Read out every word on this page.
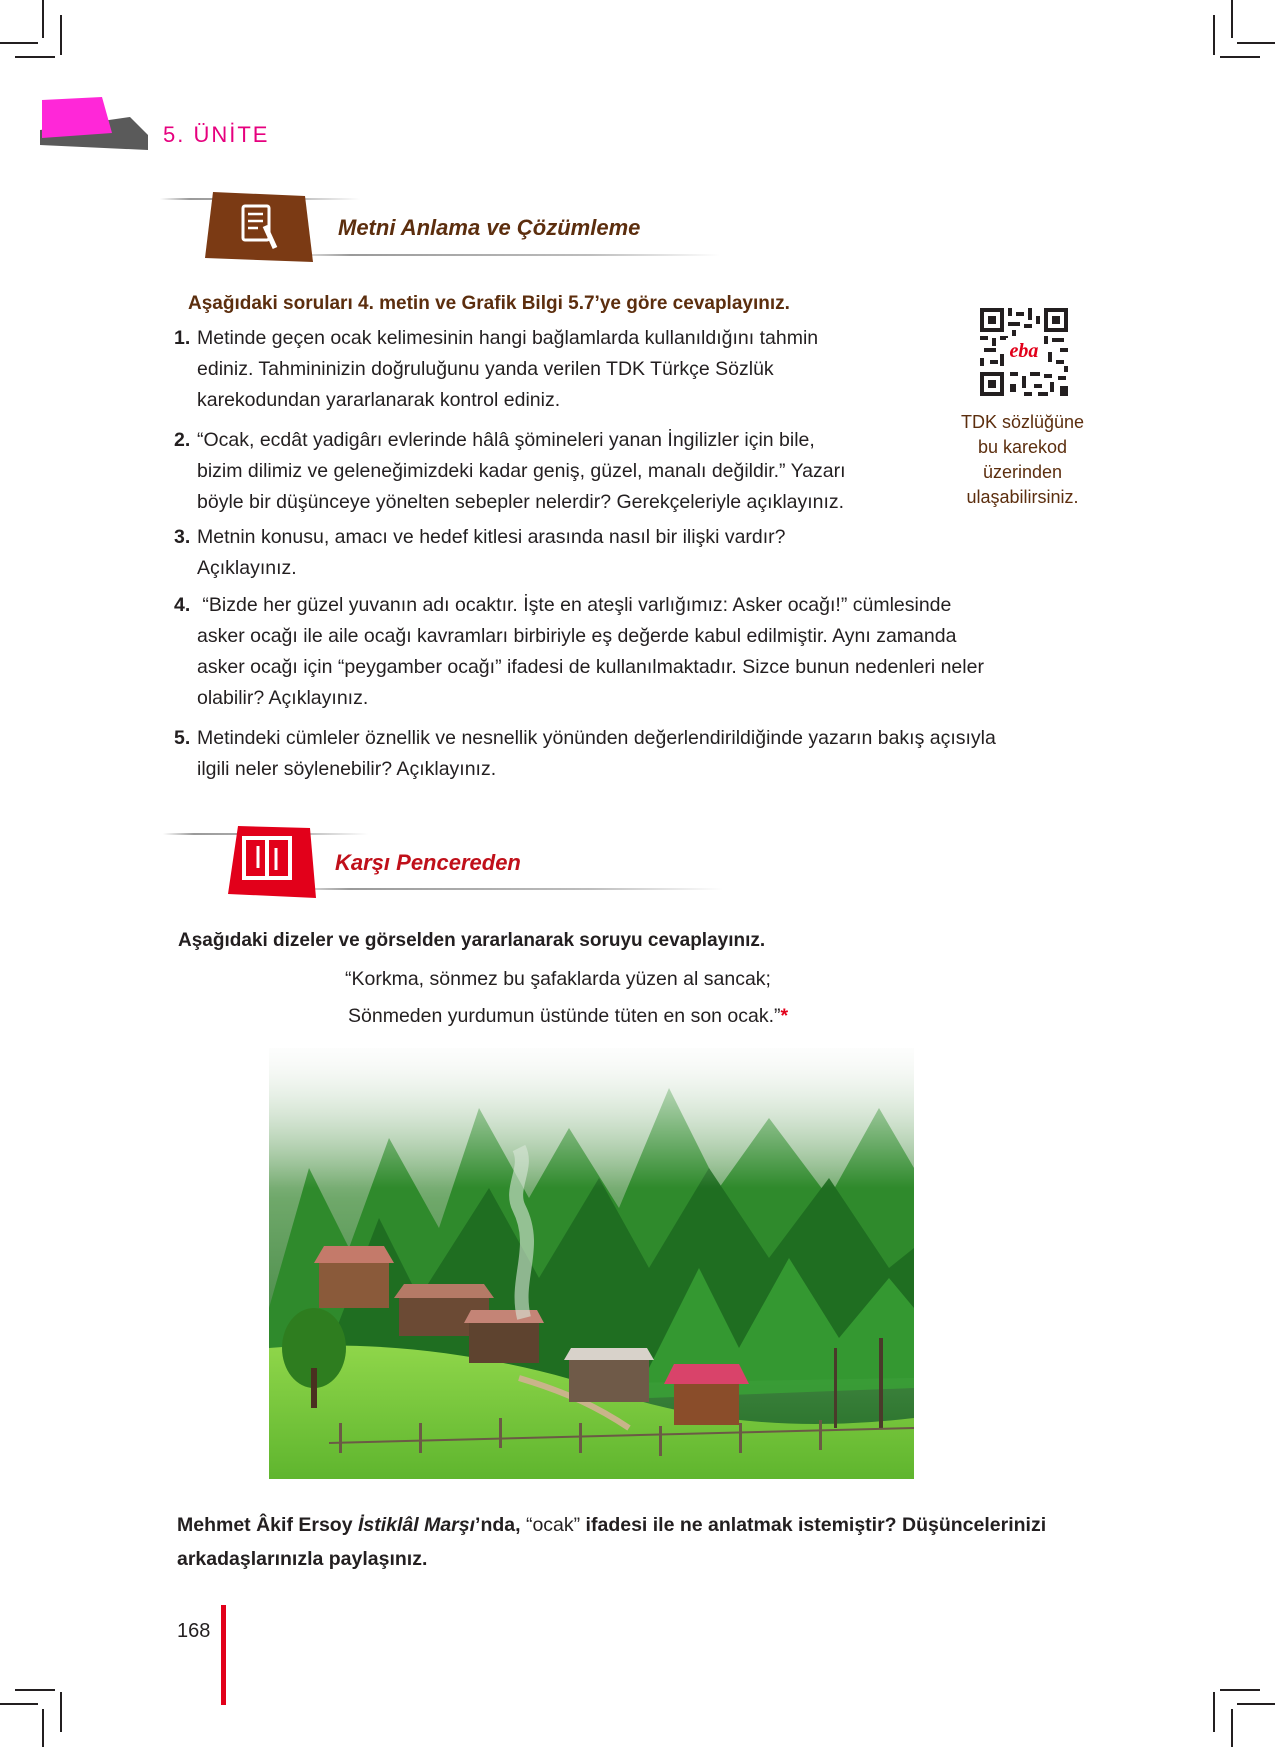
5. ÜNİTE
Metni Anlama ve Çözümleme
Aşağıdaki soruları 4. metin ve Grafik Bilgi 5.7’ye göre cevaplayınız.
1. Metinde geçen ocak kelimesinin hangi bağlamlarda kullanıldığını tahmin
ediniz. Tahmininizin doğruluğunu yanda verilen TDK Türkçe Sözlük
karekodundan yararlanarak kontrol ediniz.
2. “Ocak, ecdât yadigârı evlerinde hâlâ şömineleri yanan İngilizler için bile,
bizim dilimiz ve geleneğimizdeki kadar geniş, güzel, manalı değildir.” Yazarı
böyle bir düşünceye yönelten sebepler nelerdir? Gerekçeleriyle açıklayınız.
3. Metnin konusu, amacı ve hedef kitlesi arasında nasıl bir ilişki vardır?
Açıklayınız.
4. “Bizde her güzel yuvanın adı ocaktır. İşte en ateşli varlığımız: Asker ocağı!” cümlesinde
asker ocağı ile aile ocağı kavramları birbiriyle eş değerde kabul edilmiştir. Aynı zamanda
asker ocağı için “peygamber ocağı” ifadesi de kullanılmaktadır. Sizce bunun nedenleri neler
olabilir? Açıklayınız.
5. Metindeki cümleler öznellik ve nesnellik yönünden değerlendirildiğinde yazarın bakış açısıyla
ilgili neler söylenebilir? Açıklayınız.
eba
TDK sözlüğüne
bu karekod
üzerinden
ulaşabilirsiniz.
Karşı Pencereden
Aşağıdaki dizeler ve görselden yararlanarak soruyu cevaplayınız.
“Korkma, sönmez bu şafaklarda yüzen al sancak;
Sönmeden yurdumun üstünde tüten en son ocak.”*
Mehmet Âkif Ersoy İstiklâl Marşı’nda, “ocak” ifadesi ile ne anlatmak istemiştir? Düşüncelerinizi arkadaşlarınızla paylaşınız.
168
